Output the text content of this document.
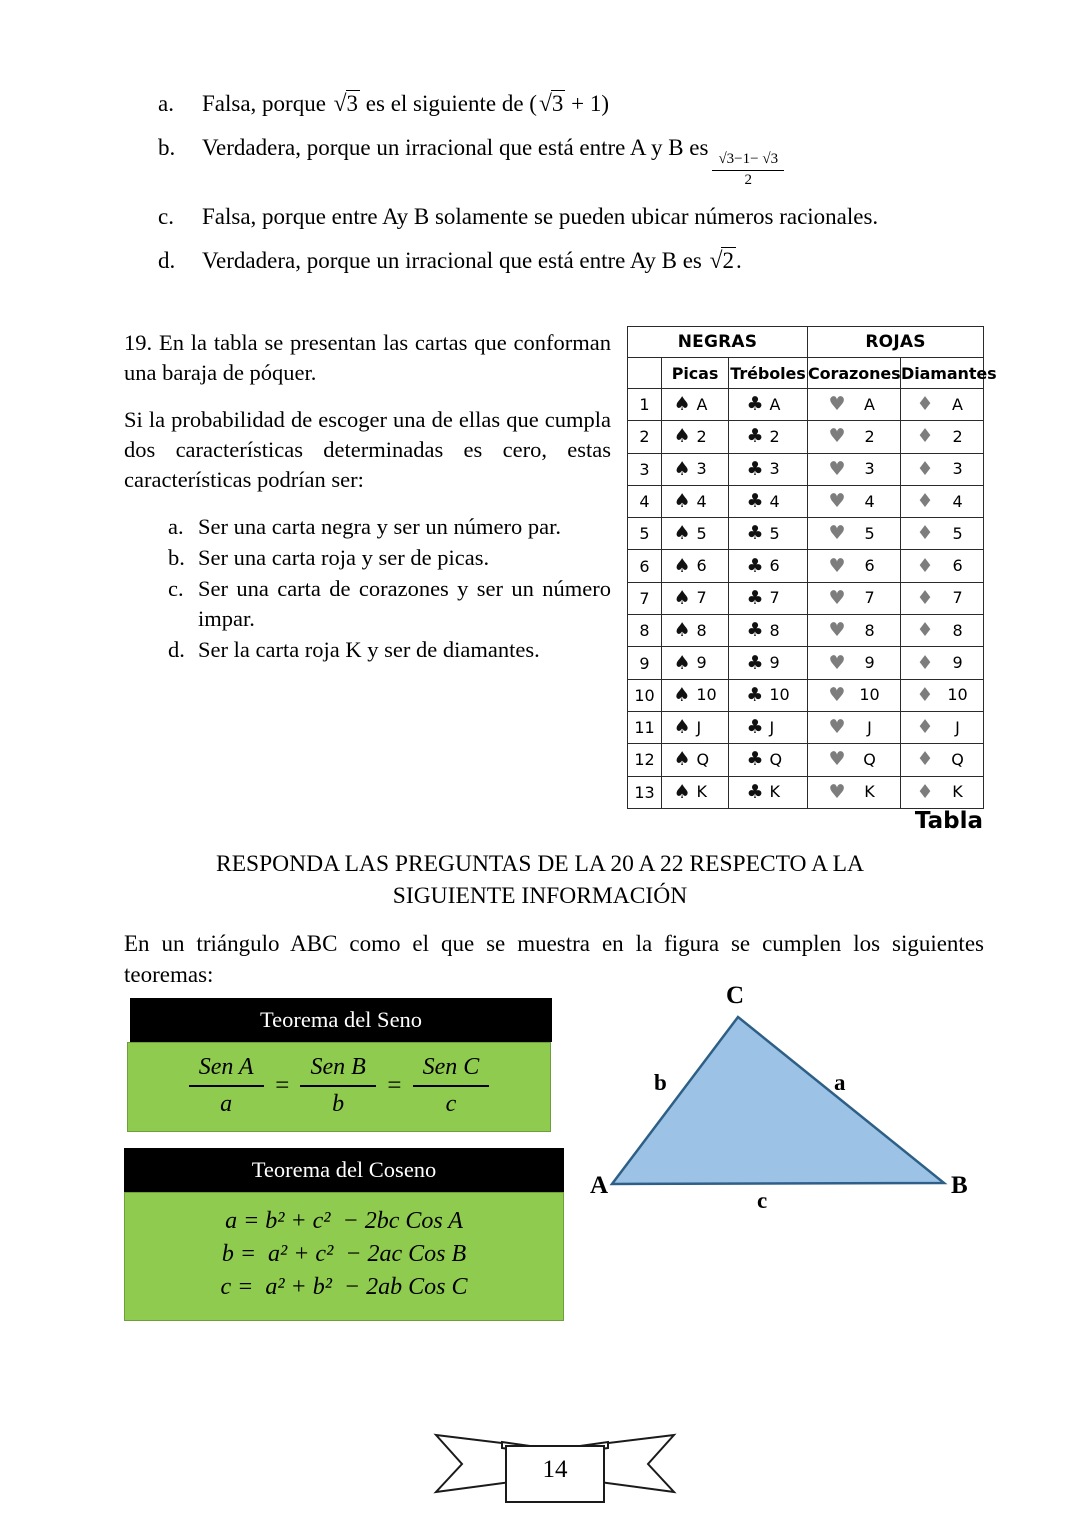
a.	Falsa, porque √3 es el siguiente de (√3 + 1)
b.	Verdadera, porque un irracional que está entre A y B es
$\frac{√3-1- √3}{2}$
c.	Falsa, porque entre Ay B solamente se pueden ubicar números racionales.
d.	Verdadera, porque un irracional que está entre Ay B es √2.

19. En la tabla se presentan las cartas que conforman una baraja de póquer.

Si la probabilidad de escoger una de ellas que cumpla dos características determinadas es cero, estas características podrían ser:

a. Ser una carta negra y ser un número par.
b. Ser una carta roja y ser de picas.
c. Ser una carta de corazones y ser un número impar.
d. Ser la carta roja K y ser de diamantes.
NEGRAS			ROJAS	
	Picas	Tréboles	Corazones	Diamantes
1	♠ A	♣ A	♥ A	♦ A

2	♠ 2	♣ 2	♥ 2	♦ 2

3	♠ 3	♣ 3	♥ 3	♦ 3

4	♠ 4	♣ 4	♥ 4	♦ 4

5	♠ 5	♣ 5	♥ 5	♦ 5

6	♠ 6	♣ 6	♥ 6	♦ 6

7	♠ 7	♣ 7	♥ 7	♦ 7

8	♠ 8	♣ 8	♥ 8	♦ 8

9	♠ 9	♣ 9	♥ 9	♦ 9

10	♠ 10	♣ 10	♥ 10	♦ 10

11	♠ J	♣ J	♥ J	♦ J

12	♠ Q	♣ Q	♥ Q	♦ Q

13	♠ K	♣ K	♥ K	♦ K
Tabla
RESPONDA LAS PREGUNTAS DE LA 20 A 22 RESPECTO A LA
SIGUIENTE INFORMACIÓN
En un triángulo ABC como el que se muestra en la figura se cumplen los siguientes teoremas:
Teorema del Seno
$\frac{\text{Sen A}}{a} = \frac{\text{Sen B}}{b} = \frac{\text{Sen C}}{c}$
Teorema del Coseno
a = b² + c²  − 2bc Cos A
b =  a² + c²  − 2ac Cos B
c =  a² + b²  − 2ab Cos C
C
A	B
b	a
c
14
